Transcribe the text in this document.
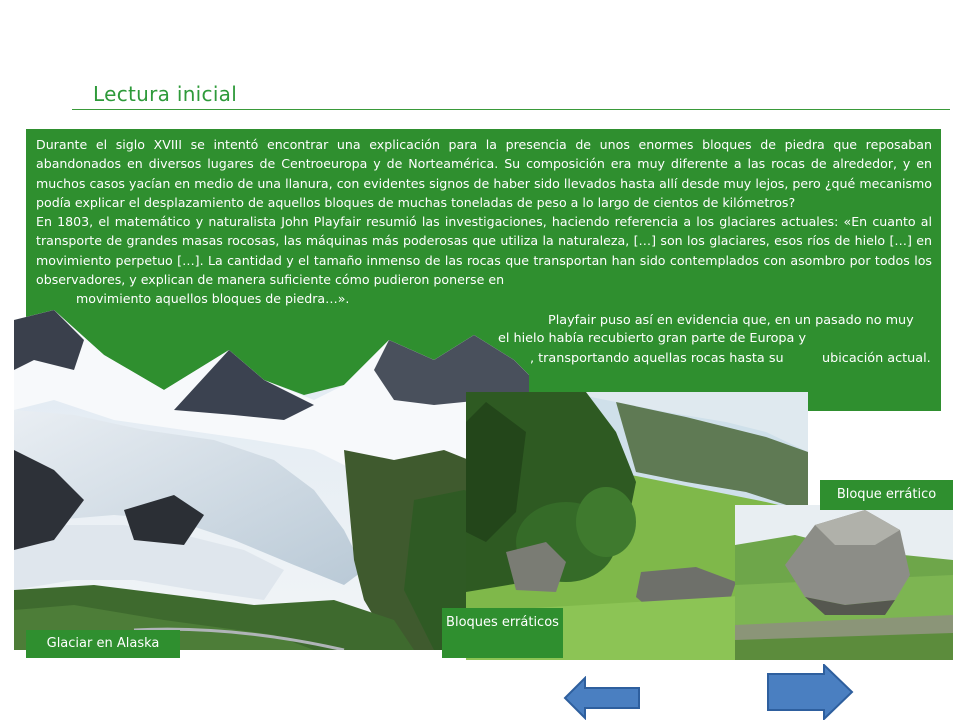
Lectura inicial

Durante el siglo XVIII se intentó encontrar una explicación para la presencia de unos enormes bloques de piedra que reposaban abandonados en diversos lugares de Centroeuropa y de Norteamérica. Su composición era muy diferente a las rocas de alrededor, y en muchos casos yacían en medio de una llanura, con evidentes signos de haber sido llevados hasta allí desde muy lejos, pero ¿qué mecanismo podía explicar el desplazamiento de aquellos bloques de muchas toneladas de peso a lo largo de cientos de kilómetros?

En 1803, el matemático y naturalista John Playfair resumió las investigaciones, haciendo referencia a los glaciares actuales: «En cuanto al transporte de grandes masas rocosas, las máquinas más poderosas que utiliza la naturaleza, […] son los glaciares, esos ríos de hielo […] en movimiento perpetuo […]. La cantidad y el tamaño inmenso de las rocas que transportan han sido contemplados con asombro por todos los observadores, y explican de manera suficiente cómo pudieron ponerse en

movimiento aquellos bloques de piedra…».

Playfair puso así en evidencia que, en un pasado no muy
el hielo había recubierto gran parte de Europa y
, transportando aquellas rocas hasta su	ubicación actual.
Glaciar en Alaska
Bloques erráticos
Bloque errático
